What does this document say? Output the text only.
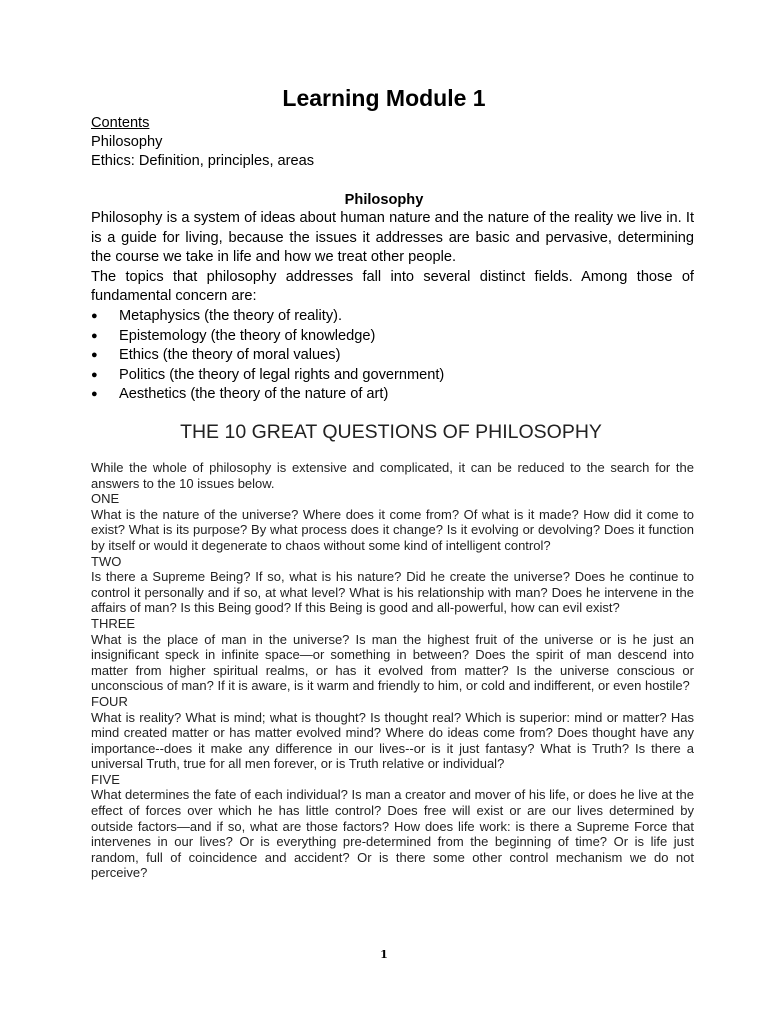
Learning Module 1
Contents
Philosophy
Ethics: Definition, principles, areas
Philosophy

Philosophy is a system of ideas about human nature and the nature of the reality we live in. It is a guide for living, because the issues it addresses are basic and pervasive, determining the course we take in life and how we treat other people.

The topics that philosophy addresses fall into several distinct fields. Among those of fundamental concern are:

● Metaphysics (the theory of reality).
● Epistemology (the theory of knowledge)
● Ethics (the theory of moral values)
● Politics (the theory of legal rights and government)
● Aesthetics (the theory of the nature of art)
THE 10 GREAT QUESTIONS OF PHILOSOPHY

While the whole of philosophy is extensive and complicated, it can be reduced to the search for the answers to the 10 issues below.

ONE

What is the nature of the universe? Where does it come from? Of what is it made? How did it come to exist? What is its purpose? By what process does it change? Is it evolving or devolving? Does it function by itself or would it degenerate to chaos without some kind of intelligent control?

TWO

Is there a Supreme Being? If so, what is his nature? Did he create the universe? Does he continue to control it personally and if so, at what level? What is his relationship with man? Does he intervene in the affairs of man? Is this Being good? If this Being is good and all-powerful, how can evil exist?

THREE

What is the place of man in the universe? Is man the highest fruit of the universe or is he just an insignificant speck in infinite space—or something in between? Does the spirit of man descend into matter from higher spiritual realms, or has it evolved from matter? Is the universe conscious or unconscious of man? If it is aware, is it warm and friendly to him, or cold and indifferent, or even hostile?

FOUR

What is reality? What is mind; what is thought? Is thought real? Which is superior: mind or matter? Has mind created matter or has matter evolved mind? Where do ideas come from? Does thought have any importance--does it make any difference in our lives--or is it just fantasy? What is Truth? Is there a universal Truth, true for all men forever, or is Truth relative or individual?

FIVE

What determines the fate of each individual? Is man a creator and mover of his life, or does he live at the effect of forces over which he has little control? Does free will exist or are our lives determined by outside factors—and if so, what are those factors? How does life work: is there a Supreme Force that intervenes in our lives? Or is everything pre-determined from the beginning of time? Or is life just random, full of coincidence and accident? Or is there some other control mechanism we do not perceive?

1
